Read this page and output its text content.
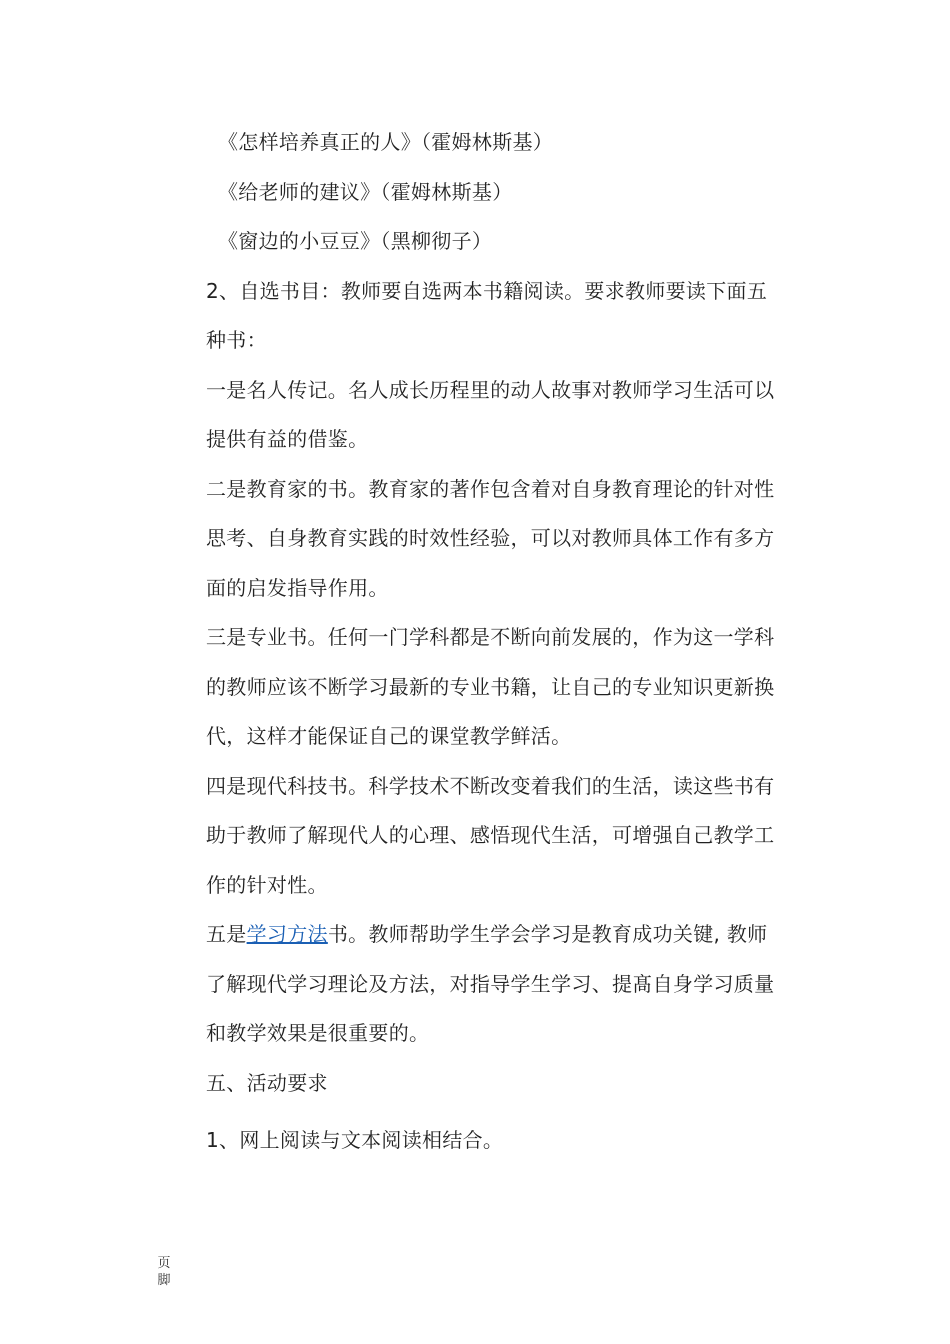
《怎样培养真正的人》（霍姆林斯基）
《给老师的建议》（霍姆林斯基）
《窗边的小豆豆》（黑柳彻子）
2、自选书目：教师要自选两本书籍阅读。要求教师要读下面五
种书：
一是名人传记。名人成长历程里的动人故事对教师学习生活可以
提供有益的借鉴。
二是教育家的书。教育家的著作包含着对自身教育理论的针对性
思考、自身教育实践的时效性经验，可以对教师具体工作有多方
面的启发指导作用。
三是专业书。任何一门学科都是不断向前发展的，作为这一学科
的教师应该不断学习最新的专业书籍，让自己的专业知识更新换
代，这样才能保证自己的课堂教学鲜活。
四是现代科技书。科学技术不断改变着我们的生活，读这些书有
助于教师了解现代人的心理、感悟现代生活，可增强自己教学工
作的针对性。
五是学习方法书。教师帮助学生学会学习是教育成功关键, 教师
了解现代学习理论及方法，对指导学生学习、提髙自身学习质量
和教学效果是很重要的。
五、活动要求
1、网上阅读与文本阅读相结合。
页
脚
